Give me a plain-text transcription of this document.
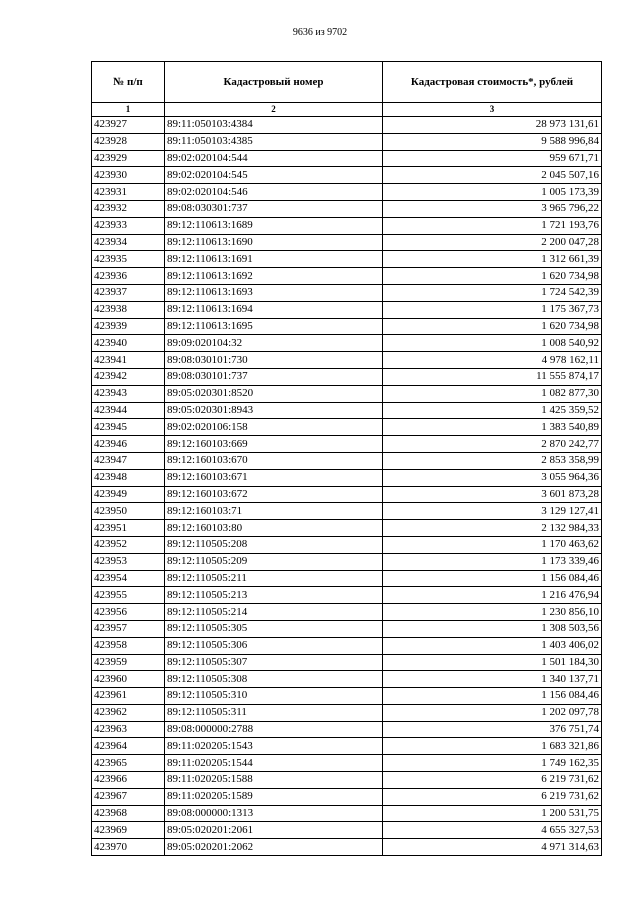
9636 из 9702
№ п/п	Кадастровый номер	Кадастровая стоимость*, рублей
1	2	3
423927	89:11:050103:4384	28 973 131,61
423928	89:11:050103:4385	9 588 996,84
423929	89:02:020104:544	959 671,71
423930	89:02:020104:545	2 045 507,16
423931	89:02:020104:546	1 005 173,39
423932	89:08:030301:737	3 965 796,22
423933	89:12:110613:1689	1 721 193,76
423934	89:12:110613:1690	2 200 047,28
423935	89:12:110613:1691	1 312 661,39
423936	89:12:110613:1692	1 620 734,98
423937	89:12:110613:1693	1 724 542,39
423938	89:12:110613:1694	1 175 367,73
423939	89:12:110613:1695	1 620 734,98
423940	89:09:020104:32	1 008 540,92
423941	89:08:030101:730	4 978 162,11
423942	89:08:030101:737	11 555 874,17
423943	89:05:020301:8520	1 082 877,30
423944	89:05:020301:8943	1 425 359,52
423945	89:02:020106:158	1 383 540,89
423946	89:12:160103:669	2 870 242,77
423947	89:12:160103:670	2 853 358,99
423948	89:12:160103:671	3 055 964,36
423949	89:12:160103:672	3 601 873,28
423950	89:12:160103:71	3 129 127,41
423951	89:12:160103:80	2 132 984,33
423952	89:12:110505:208	1 170 463,62
423953	89:12:110505:209	1 173 339,46
423954	89:12:110505:211	1 156 084,46
423955	89:12:110505:213	1 216 476,94
423956	89:12:110505:214	1 230 856,10
423957	89:12:110505:305	1 308 503,56
423958	89:12:110505:306	1 403 406,02
423959	89:12:110505:307	1 501 184,30
423960	89:12:110505:308	1 340 137,71
423961	89:12:110505:310	1 156 084,46
423962	89:12:110505:311	1 202 097,78
423963	89:08:000000:2788	376 751,74
423964	89:11:020205:1543	1 683 321,86
423965	89:11:020205:1544	1 749 162,35
423966	89:11:020205:1588	6 219 731,62
423967	89:11:020205:1589	6 219 731,62
423968	89:08:000000:1313	1 200 531,75
423969	89:05:020201:2061	4 655 327,53
423970	89:05:020201:2062	4 971 314,63
